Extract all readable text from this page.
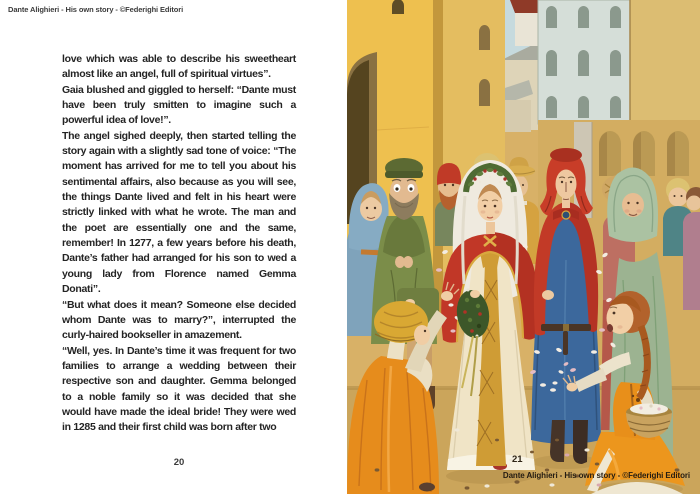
Dante Alighieri - His own story - ©Federighi Editori

love which was able to describe his sweetheart almost like an angel, full of spiritual virtues”.

Gaia blushed and giggled to herself: “Dante must have been truly smitten to imagine such a powerful idea of love!”.

The angel sighed deeply, then started telling the story again with a slightly sad tone of voice: “The moment has arrived for me to tell you about his sentimental affairs, also because as you will see, the things Dante lived and felt in his heart were strictly linked with what he wrote. The man and the poet are essentially one and the same, remember! In 1277, a few years before his death, Dante’s father had arranged for his son to wed a young lady from Florence named Gemma Donati”.

“But what does it mean? Someone else decided whom Dante was to marry?”, interrupted the curly-haired bookseller in amazement.

“Well, yes. In Dante’s time it was frequent for two families to arrange a wedding between their respective son and daughter. Gemma belonged to a noble family so it was decided that she would have made the ideal bride! They were wed in 1285 and their first child was born after two

20	21
Dante Alighieri - His own story - ©Federighi Editori
